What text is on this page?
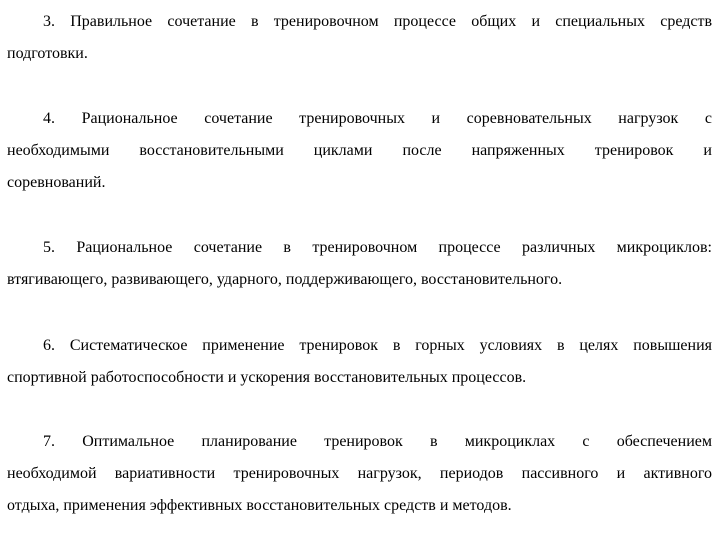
3. Правильное сочетание в тренировочном процессе общих и специальных средств
подготовки.
4. Рациональное сочетание тренировочных и соревновательных нагрузок с
необходимыми восстановительными циклами после напряженных тренировок и
соревнований.
5. Рациональное сочетание в тренировочном процессе различных микроциклов:
втягивающего, развивающего, ударного, поддерживающего, восстановительного.
6. Систематическое применение тренировок в горных условиях в целях повышения
спортивной работоспособности и ускорения восстановительных процессов.
7. Оптимальное планирование тренировок в микроциклах с обеспечением
необходимой вариативности тренировочных нагрузок, периодов пассивного и активного
отдыха, применения эффективных восстановительных средств и методов.
